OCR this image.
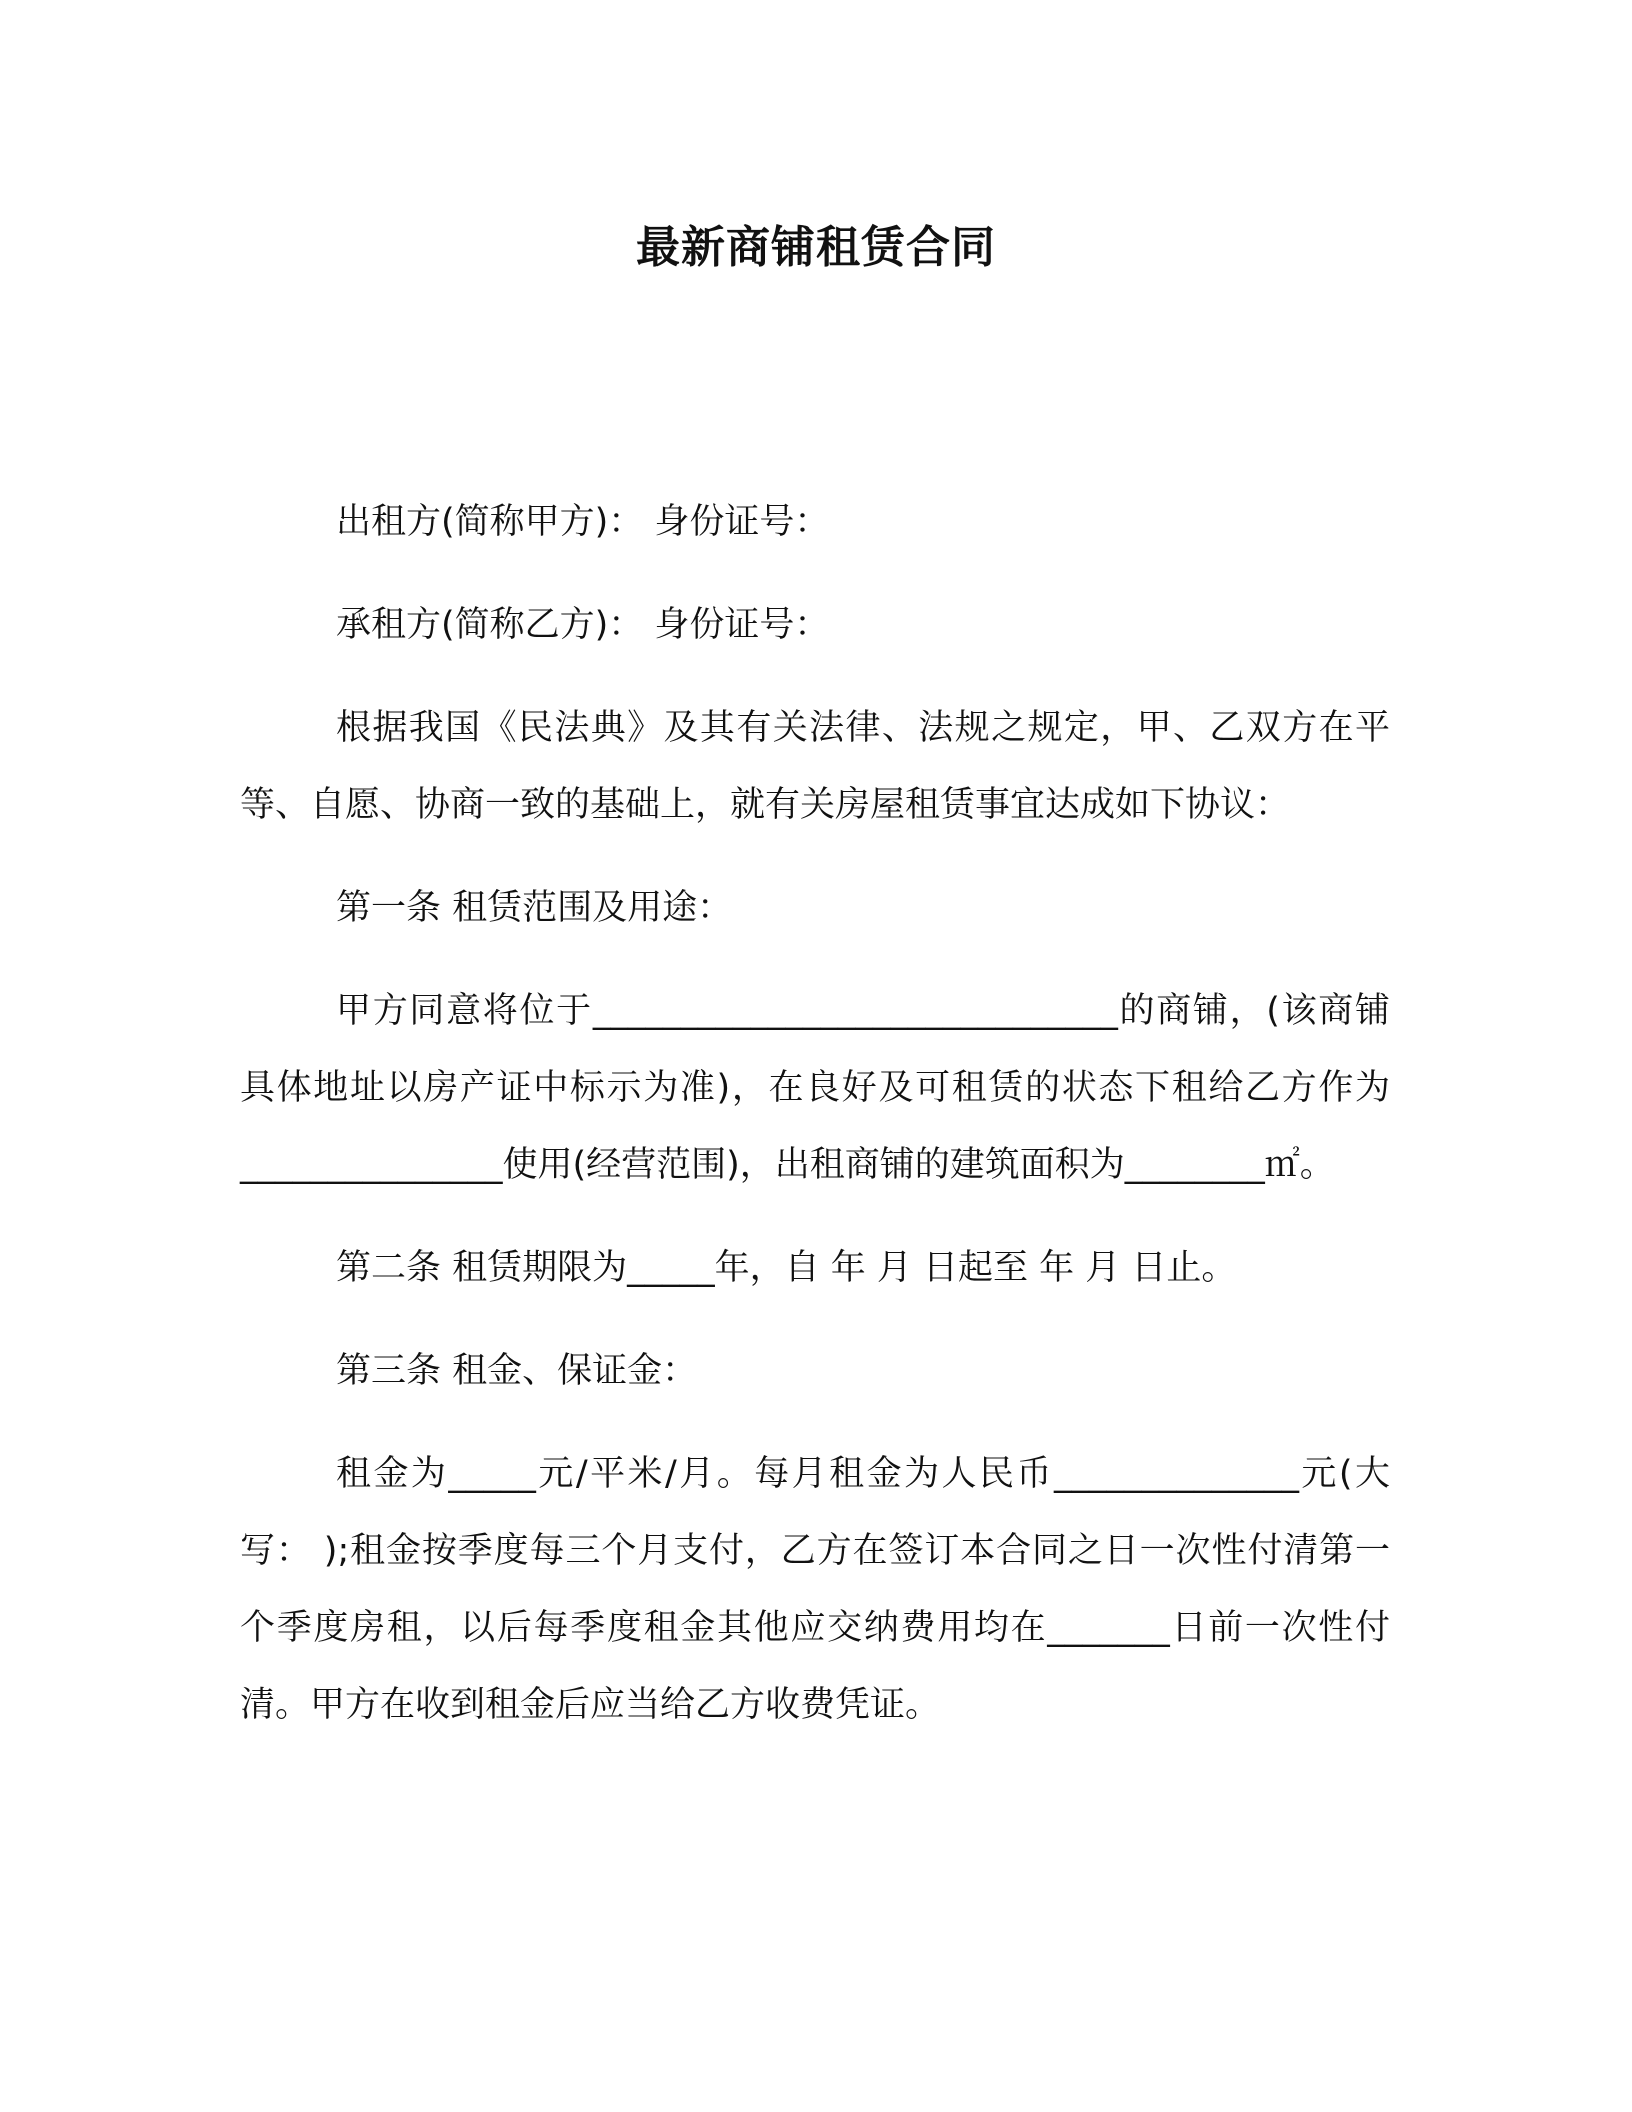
最新商铺租赁合同

出租方(简称甲方)： 身份证号：

承租方(简称乙方)： 身份证号：

根据我国《民法典》及其有关法律、法规之规定，甲、乙双方在平等、自愿、协商一致的基础上，就有关房屋租赁事宜达成如下协议：

第一条 租赁范围及用途：

甲方同意将位于______________________________的商铺，(该商铺具体地址以房产证中标示为准)，在良好及可租赁的状态下租给乙方作为_______________使用(经营范围)，出租商铺的建筑面积为________㎡。

第二条 租赁期限为_____年，自 年 月 日起至 年 月 日止。

第三条 租金、保证金：

租金为_____元/平米/月。每月租金为人民币______________元(大写： );租金按季度每三个月支付，乙方在签订本合同之日一次性付清第一个季度房租，以后每季度租金其他应交纳费用均在_______日前一次性付清。甲方在收到租金后应当给乙方收费凭证。
